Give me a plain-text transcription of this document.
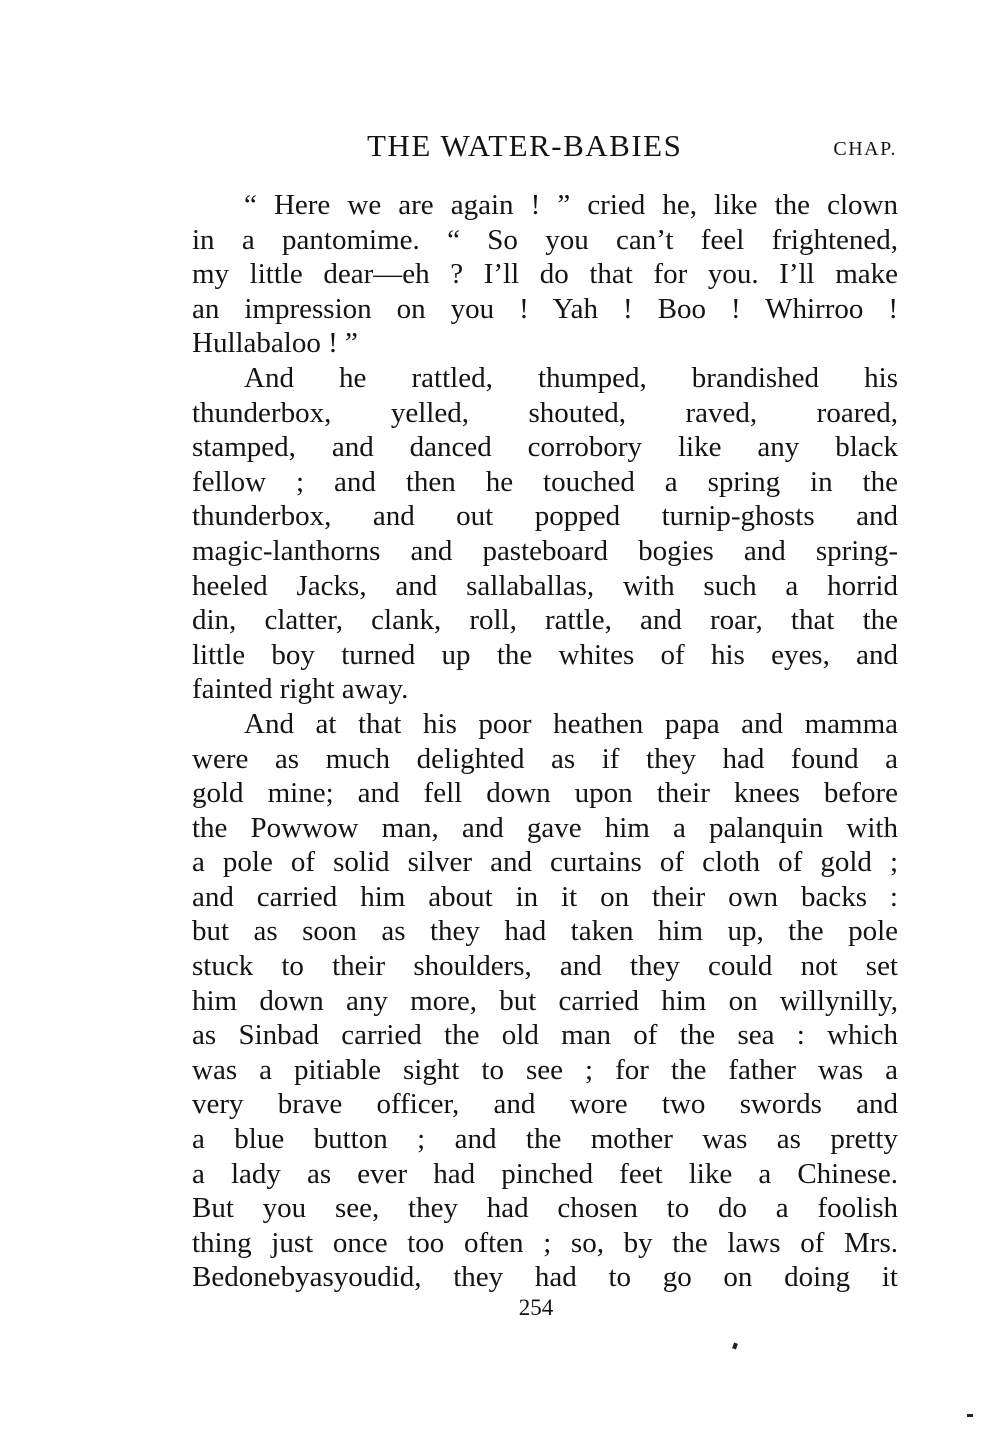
THE WATER-BABIES	CHAP.
“ Here we are again ! ” cried he, like the clown
in a pantomime. “ So you can’t feel frightened,
my little dear—eh ? I’ll do that for you. I’ll make
an impression on you ! Yah ! Boo ! Whirroo !
Hullabaloo ! ”
And he rattled, thumped, brandished his
thunderbox, yelled, shouted, raved, roared,
stamped, and danced corrobory like any black
fellow ; and then he touched a spring in the
thunderbox, and out popped turnip-ghosts and
magic-lanthorns and pasteboard bogies and spring-
heeled Jacks, and sallaballas, with such a horrid
din, clatter, clank, roll, rattle, and roar, that the
little boy turned up the whites of his eyes, and
fainted right away.
And at that his poor heathen papa and mamma
were as much delighted as if they had found a
gold mine; and fell down upon their knees before
the Powwow man, and gave him a palanquin with
a pole of solid silver and curtains of cloth of gold ;
and carried him about in it on their own backs :
but as soon as they had taken him up, the pole
stuck to their shoulders, and they could not set
him down any more, but carried him on willynilly,
as Sinbad carried the old man of the sea : which
was a pitiable sight to see ; for the father was a
very brave officer, and wore two swords and
a blue button ; and the mother was as pretty
a lady as ever had pinched feet like a Chinese.
But you see, they had chosen to do a foolish
thing just once too often ; so, by the laws of Mrs.
Bedonebyasyoudid, they had to go on doing it
254
